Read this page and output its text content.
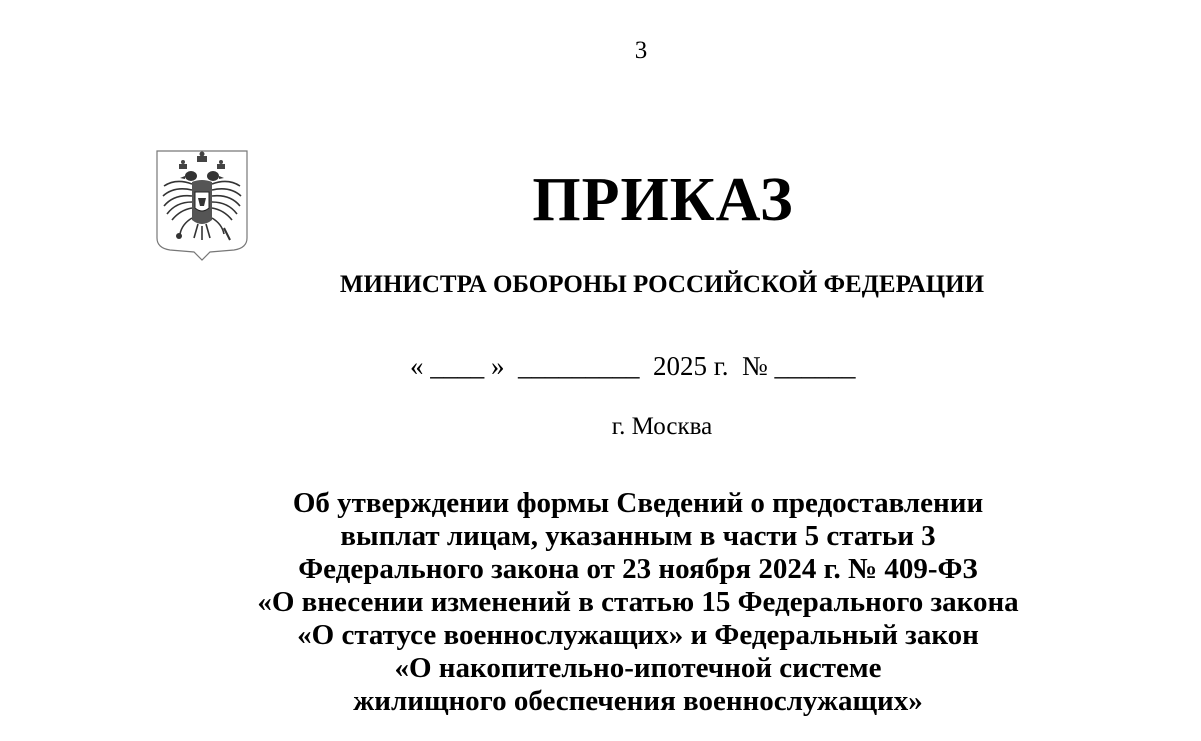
3
ПРИКАЗ
МИНИСТРА ОБОРОНЫ РОССИЙСКОЙ ФЕДЕРАЦИИ
« ____ » _________ 2025 г. № ______
г. Москва
Об утверждении формы Сведений о предоставлении
выплат лицам, указанным в части 5 статьи 3
Федерального закона от 23 ноября 2024 г. № 409-ФЗ
«О внесении изменений в статью 15 Федерального закона
«О статусе военнослужащих» и Федеральный закон
«О накопительно-ипотечной системе
жилищного обеспечения военнослужащих»
